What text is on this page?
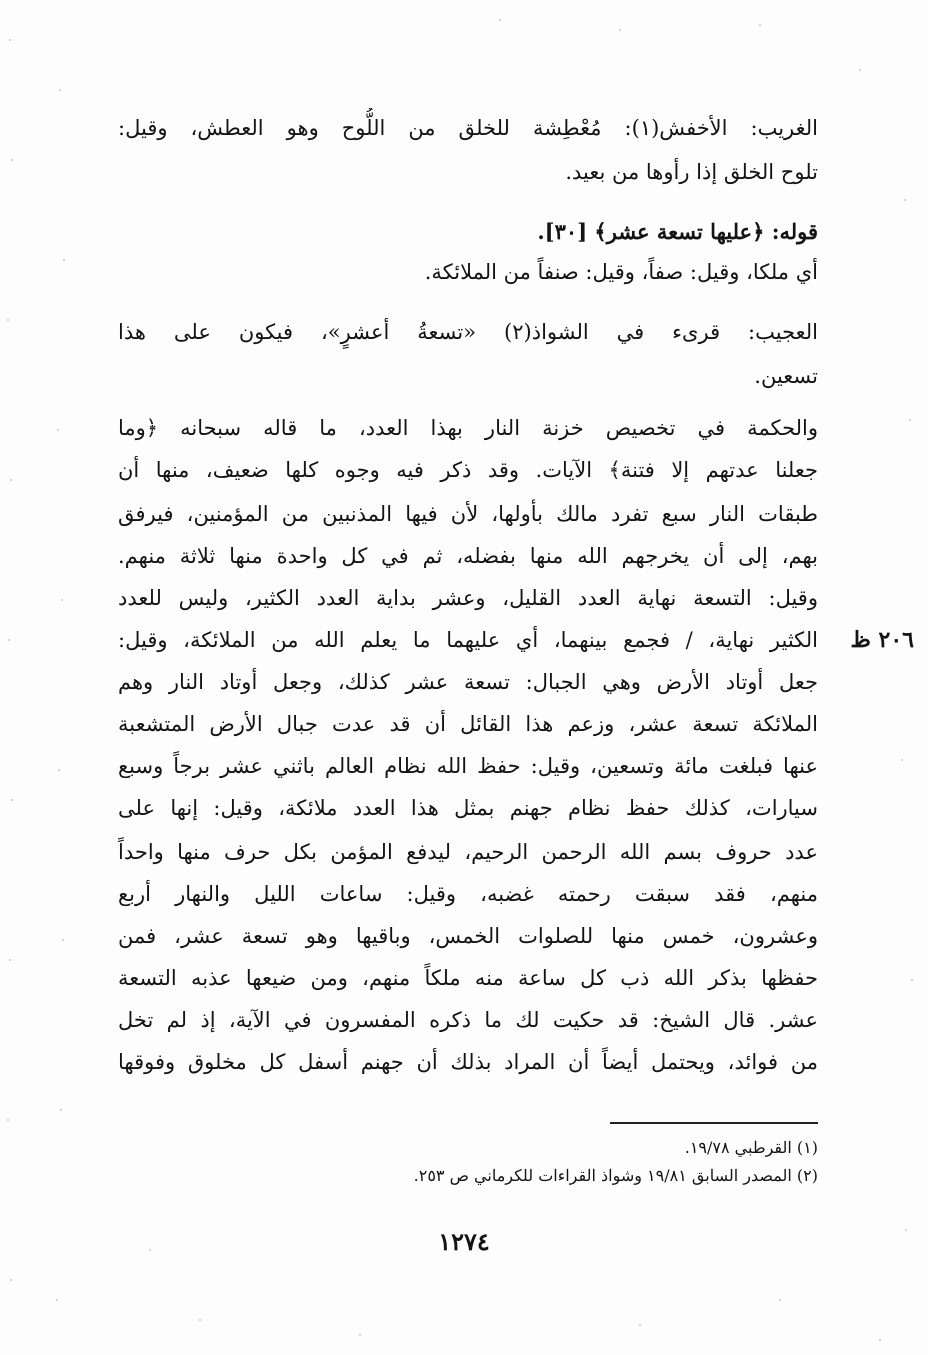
٢٠٦ ظ
الغريب: الأخفش(١): مُعْطِشة للخلق من اللُّوح وهو العطش، وقيل:
تلوح الخلق إذا رأوها من بعيد.
قوله: ﴿عليها تسعة عشر﴾ [٣٠].
أي ملكا، وقيل: صفاً، وقيل: صنفاً من الملائكة.
العجيب: قرىء في الشواذ(٢) «تسعةُ أعشرٍ»، فيكون على هذا
تسعين.
والحكمة في تخصيص خزنة النار بهذا العدد، ما قاله سبحانه ﴿وما
جعلنا عدتهم إلا فتنة﴾ الآيات. وقد ذكر فيه وجوه كلها ضعيف، منها أن
طبقات النار سبع تفرد مالك بأولها، لأن فيها المذنبين من المؤمنين، فيرفق
بهم، إلى أن يخرجهم الله منها بفضله، ثم في كل واحدة منها ثلاثة منهم.
وقيل: التسعة نهاية العدد القليل، وعشر بداية العدد الكثير، وليس للعدد
الكثير نهاية، / فجمع بينهما، أي عليهما ما يعلم الله من الملائكة، وقيل:
جعل أوتاد الأرض وهي الجبال: تسعة عشر كذلك، وجعل أوتاد النار وهم
الملائكة تسعة عشر، وزعم هذا القائل أن قد عدت جبال الأرض المتشعبة
عنها فبلغت مائة وتسعين، وقيل: حفظ الله نظام العالم باثني عشر برجاً وسبع
سيارات، كذلك حفظ نظام جهنم بمثل هذا العدد ملائكة، وقيل: إنها على
عدد حروف بسم الله الرحمن الرحيم، ليدفع المؤمن بكل حرف منها واحداً
منهم، فقد سبقت رحمته غضبه، وقيل: ساعات الليل والنهار أربع
وعشرون، خمس منها للصلوات الخمس، وباقيها وهو تسعة عشر، فمن
حفظها بذكر الله ذب كل ساعة منه ملكاً منهم، ومن ضيعها عذبه التسعة
عشر. قال الشيخ: قد حكيت لك ما ذكره المفسرون في الآية، إذ لم تخل
من فوائد، ويحتمل أيضاً أن المراد بذلك أن جهنم أسفل كل مخلوق وفوقها
(١) القرطبي ١٩/٧٨.
(٢) المصدر السابق ١٩/٨١ وشواذ القراءات للكرماني ص ٢٥٣.
١٢٧٤
